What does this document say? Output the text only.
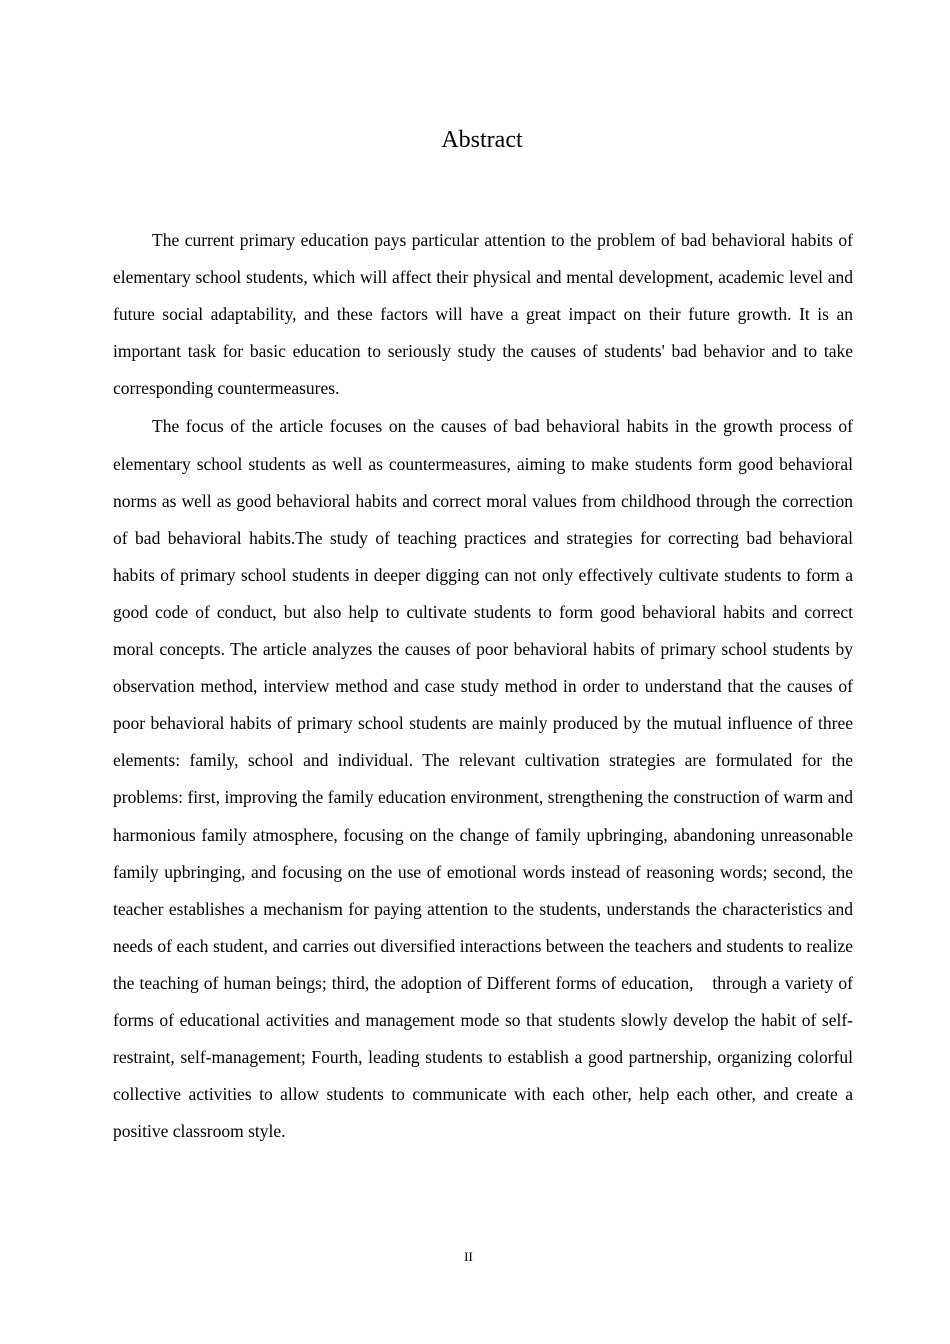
Abstract

The current primary education pays particular attention to the problem of bad behavioral habits of elementary school students, which will affect their physical and mental development, academic level and future social adaptability, and these factors will have a great impact on their future growth. It is an important task for basic education to seriously study the causes of students' bad behavior and to take corresponding countermeasures.

The focus of the article focuses on the causes of bad behavioral habits in the growth process of elementary school students as well as countermeasures, aiming to make students form good behavioral norms as well as good behavioral habits and correct moral values from childhood through the correction of bad behavioral habits.The study of teaching practices and strategies for correcting bad behavioral habits of primary school students in deeper digging can not only effectively cultivate students to form a good code of conduct, but also help to cultivate students to form good behavioral habits and correct moral concepts. The article analyzes the causes of poor behavioral habits of primary school students by observation method, interview method and case study method in order to understand that the causes of poor behavioral habits of primary school students are mainly produced by the mutual influence of three elements: family, school and individual. The relevant cultivation strategies are formulated for the problems: first, improving the family education environment, strengthening the construction of warm and harmonious family atmosphere, focusing on the change of family upbringing, abandoning unreasonable family upbringing, and focusing on the use of emotional words instead of reasoning words; second, the teacher establishes a mechanism for paying attention to the students, understands the characteristics and needs of each student, and carries out diversified interactions between the teachers and students to realize the teaching of human beings; third, the adoption of Different forms of education,　through a variety of forms of educational activities and management mode so that students slowly develop the habit of self-restraint, self-management; Fourth, leading students to establish a good partnership, organizing colorful collective activities to allow students to communicate with each other, help each other, and create a positive classroom style.

II
